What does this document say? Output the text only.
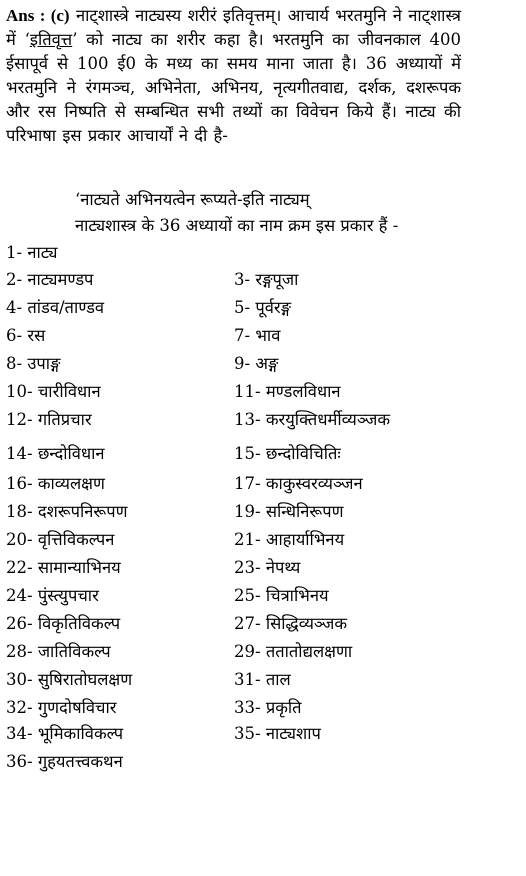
Ans : (c) नाट्शास्त्रे नाट्यस्य शरीरं इतिवृत्तम्। आचार्य भरतमुनि ने नाट्शास्त्र में ‘इतिवृत्त’ को नाट्य का शरीर कहा है। भरतमुनि का जीवनकाल 400 ईसापूर्व से 100 ई0 के मध्य का समय माना जाता है। 36 अध्यायों में भरतमुनि ने रंगमञ्च, अभिनेता, अभिनय, नृत्यगीतवाद्य, दर्शक, दशरूपक और रस निष्पति से सम्बन्धित सभी तथ्यों का विवेचन किये हैं। नाट्य की परिभाषा इस प्रकार आचार्यों ने दी है-
‘नाट्यते अभिनयत्वेन रूप्यते-इति नाट्यम्
नाट्यशास्त्र के 36 अध्यायों का नाम क्रम इस प्रकार हैं -
1- नाट्य
2- नाट्यमण्डप	3- रङ्गपूजा
4- तांडव/ताण्डव	5- पूर्वरङ्ग
6- रस	7- भाव
8- उपाङ्ग	9- अङ्ग
10- चारीविधान	11- मण्डलविधान
12- गतिप्रचार	13- करयुक्तिधर्मीव्यञ्जक
14- छन्दोविधान	15- छन्दोविचितिः
16- काव्यलक्षण	17- काकुस्वरव्यञ्जन
18- दशरूपनिरूपण	19- सन्धिनिरूपण
20- वृत्तिविकल्पन	21- आहार्याभिनय
22- सामान्याभिनय	23- नेपथ्य
24- पुंस्त्युपचार	25- चित्राभिनय
26- विकृतिविकल्प	27- सिद्धिव्यञ्जक
28- जातिविकल्प	29- ततातोद्यलक्षणा
30- सुषिरातोघलक्षण	31- ताल
32- गुणदोषविचार	33- प्रकृति
34- भूमिकाविकल्प	35- नाट्यशाप
36- गुहयतत्त्वकथन
